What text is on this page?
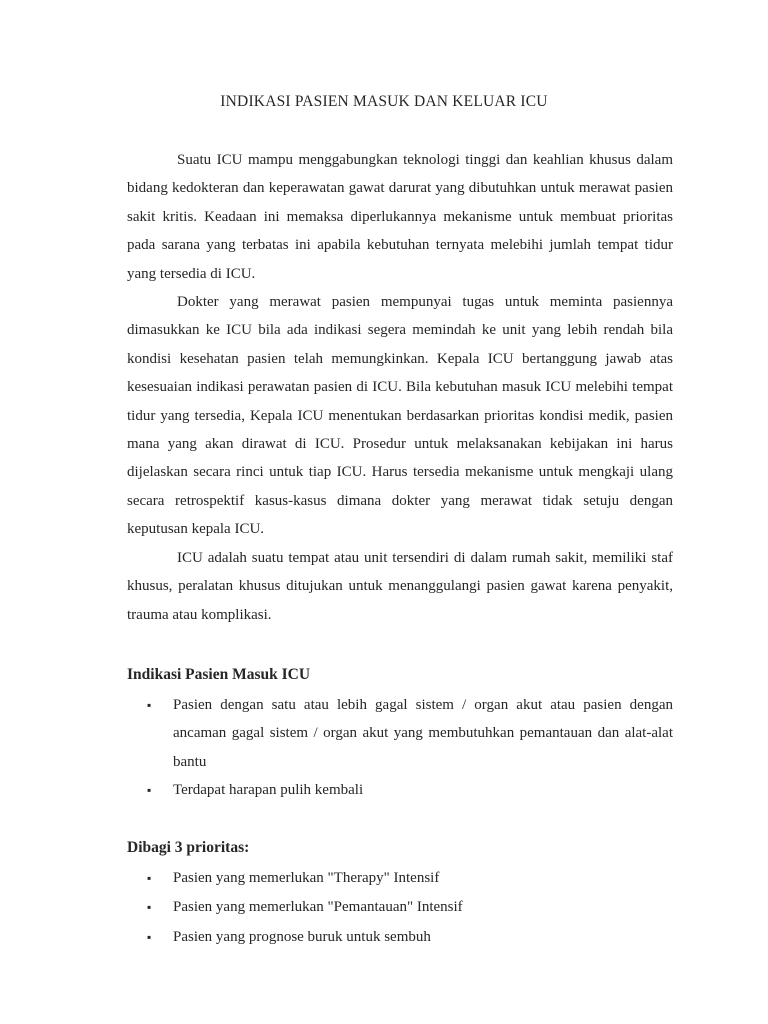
INDIKASI PASIEN MASUK DAN KELUAR ICU

Suatu ICU mampu menggabungkan teknologi tinggi dan keahlian khusus dalam bidang kedokteran dan keperawatan gawat darurat yang dibutuhkan untuk merawat pasien sakit kritis. Keadaan ini memaksa diperlukannya mekanisme untuk membuat prioritas pada sarana yang terbatas ini apabila kebutuhan ternyata melebihi jumlah tempat tidur yang tersedia di ICU.

Dokter yang merawat pasien mempunyai tugas untuk meminta pasiennya dimasukkan ke ICU bila ada indikasi segera memindah ke unit yang lebih rendah bila kondisi kesehatan pasien telah memungkinkan. Kepala ICU bertanggung jawab atas kesesuaian indikasi perawatan pasien di ICU. Bila kebutuhan masuk ICU melebihi tempat tidur yang tersedia, Kepala ICU menentukan berdasarkan prioritas kondisi medik, pasien mana yang akan dirawat di ICU. Prosedur untuk melaksanakan kebijakan ini harus dijelaskan secara rinci untuk tiap ICU. Harus tersedia mekanisme untuk mengkaji ulang secara retrospektif kasus-kasus dimana dokter yang merawat tidak setuju dengan keputusan kepala ICU.

ICU adalah suatu tempat atau unit tersendiri di dalam rumah sakit, memiliki staf khusus, peralatan khusus ditujukan untuk menanggulangi pasien gawat karena penyakit, trauma atau komplikasi.

Indikasi Pasien Masuk ICU
▪ Pasien dengan satu atau lebih gagal sistem / organ akut atau pasien dengan ancaman gagal sistem / organ akut yang membutuhkan pemantauan dan alat-alat bantu
▪ Terdapat harapan pulih kembali
Dibagi 3 prioritas:
▪ Pasien yang memerlukan "Therapy" Intensif
▪ Pasien yang memerlukan "Pemantauan" Intensif
▪ Pasien yang prognose buruk untuk sembuh
